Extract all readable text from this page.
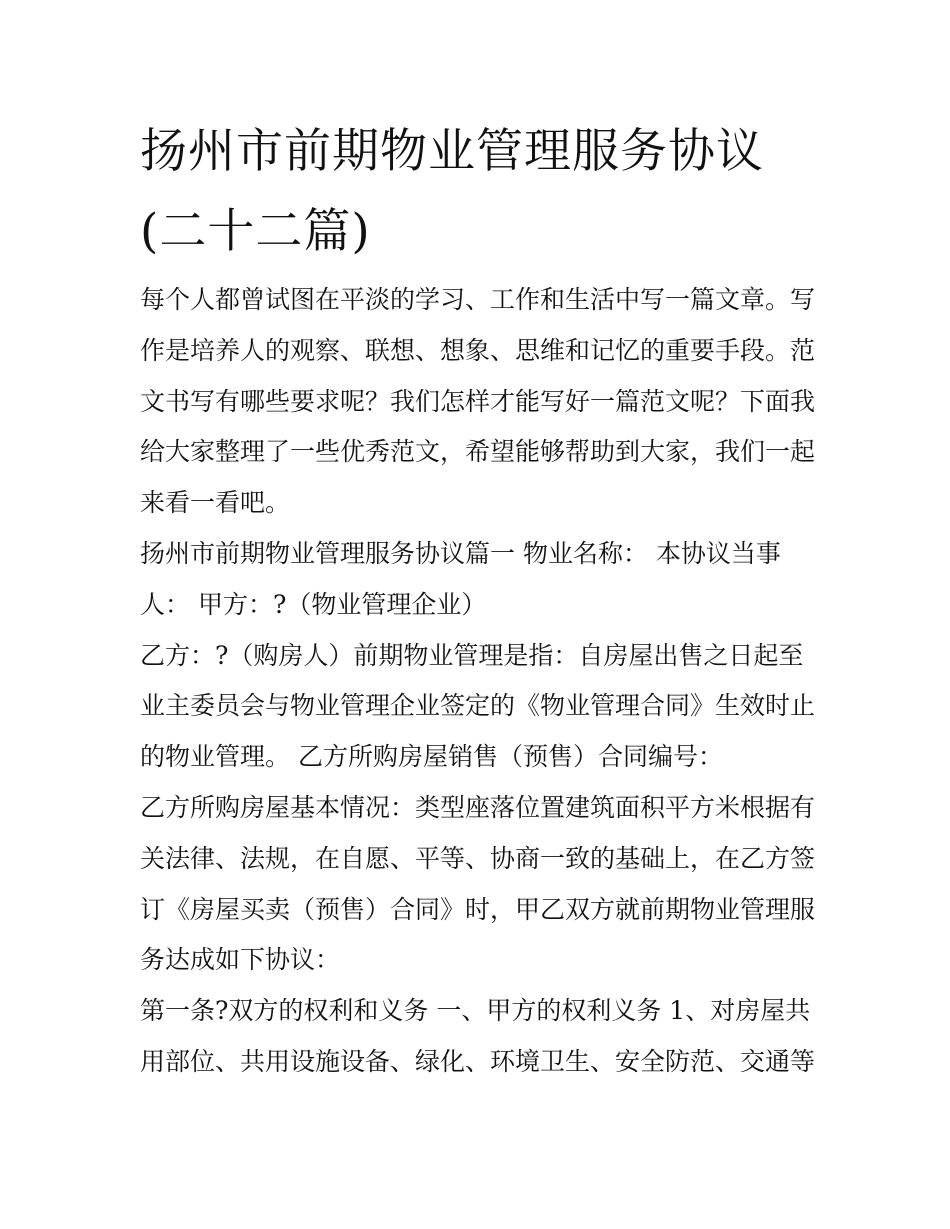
扬州市前期物业管理服务协议
(二十二篇)
每个人都曾试图在平淡的学习、工作和生活中写一篇文章。写
作是培养人的观察、联想、想象、思维和记忆的重要手段。范
文书写有哪些要求呢？我们怎样才能写好一篇范文呢？下面我
给大家整理了一些优秀范文，希望能够帮助到大家，我们一起
来看一看吧。
扬州市前期物业管理服务协议篇一 物业名称： 本协议当事
人： 甲方：?（物业管理企业）
乙方：?（购房人）前期物业管理是指：自房屋出售之日起至
业主委员会与物业管理企业签定的《物业管理合同》生效时止
的物业管理。 乙方所购房屋销售（预售）合同编号：
乙方所购房屋基本情况：类型座落位置建筑面积平方米根据有
关法律、法规，在自愿、平等、协商一致的基础上，在乙方签
订《房屋买卖（预售）合同》时，甲乙双方就前期物业管理服
务达成如下协议：
第一条?双方的权利和义务 一、甲方的权利义务 1、对房屋共
用部位、共用设施设备、绿化、环境卫生、安全防范、交通等
